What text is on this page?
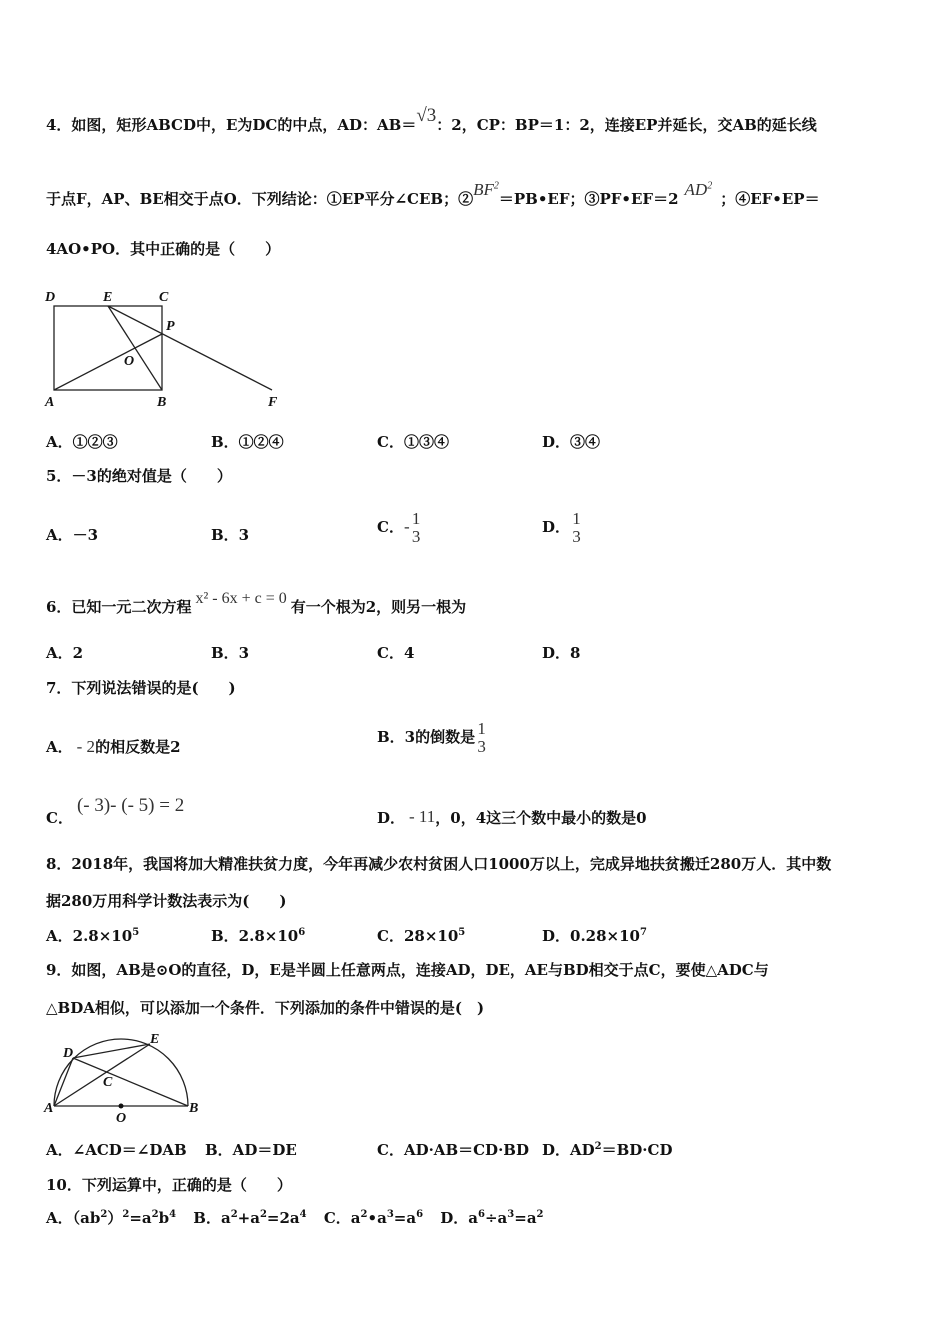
4．如图，矩形ABCD中，E为DC的中点，AD：AB＝√3：2，CP：BP＝1：2，连接EP并延长，交AB的延长线
于点F，AP、BE相交于点O．下列结论：①EP平分∠CEB；$②BF^2=PB•EF$；③PF•EF＝2 $AD^2$；④EF•EP＝
4AO•PO．其中正确的是（　　）
D	E	C
P
O
A	B	F
A．①②③	B．①②④	C．①③④	D．③④
5．－3的绝对值是（　　）
A．－3	B．3	C．- 1
3	D． 1
3
6．已知一元二次方程 x² - 6x + c = 0 有一个根为2，则另一根为
A．2	B．3	C．4	D．8
7．下列说法错误的是(　　)
A． - 2的相反数是2
B．3的倒数是 1
3
C．(- 3)- (- 5) = 2
D． - 11，0，4这三个数中最小的数是0
8．2018年，我国将加大精准扶贫力度，今年再减少农村贫困人口1000万以上，完成异地扶贫搬迁280万人．其中数
据280万用科学计数法表示为(　　)
A．$2.8\times 10^5$	B．$2.8\times 10^6$	C．$28\times 10^5$	D．$0.28\times 10^7$
9．如图，AB是⊙O的直径，D，E是半圆上任意两点，连接AD，DE，AE与BD相交于点C，要使△ADC与
△BDA相似，可以添加一个条件．下列添加的条件中错误的是(　)
D
E
C
A
O
B
A．∠ACD＝∠DAB B．AD＝DE	C．AD·AB＝CD·BD D．$AD^2=BD\cdot CD$
10．下列运算中，正确的是（　　）
A．$(ab^2)^2=a^2b^4$ B．$a^2+a^2=2a^4$ C．$a^2•a^3=a^6$ D．$a^6\div a^3=a^2$
